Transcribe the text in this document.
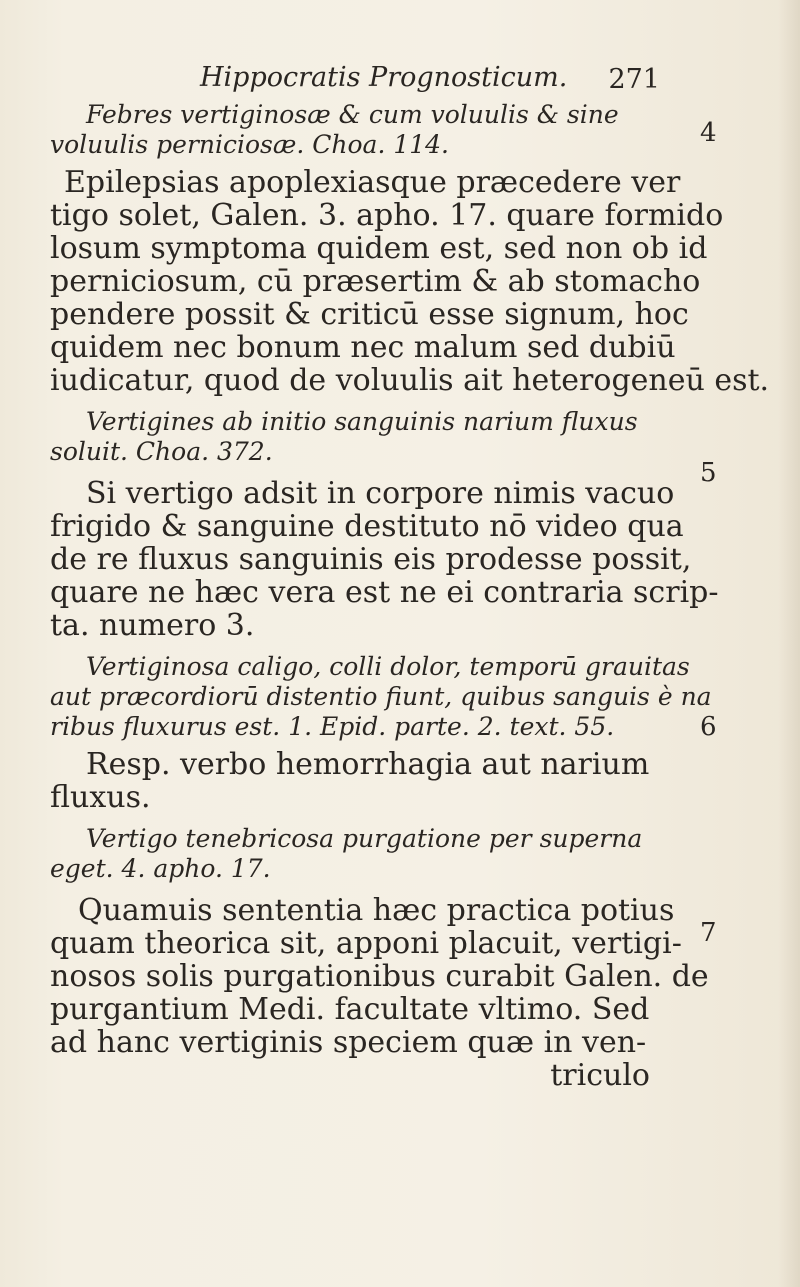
Hippocratis Prognosticum. 271
Febres vertiginosæ & cum voluulis & sine
voluulis perniciosæ. Choa. 114.
Epilepsias apoplexiasque præcedere ver
tigo solet, Galen. 3. apho. 17. quare formido
losum symptoma quidem est, sed non ob id
perniciosum, cū præsertim & ab stomacho
pendere possit & criticū esse signum, hoc
quidem nec bonum nec malum sed dubiū
iudicatur, quod de voluulis ait heterogeneū est.
Vertigines ab initio sanguinis narium fluxus
soluit. Choa. 372.
Si vertigo adsit in corpore nimis vacuo
frigido & sanguine destituto nō video qua
de re fluxus sanguinis eis prodesse possit,
quare ne hæc vera est ne ei contraria scrip-
ta. numero 3.
Vertiginosa caligo, colli dolor, temporū grauitas
aut præcordiorū distentio fiunt, quibus sanguis è na
ribus fluxurus est. 1. Epid. parte. 2. text. 55.
Resp. verbo hemorrhagia aut narium
fluxus.
Vertigo tenebricosa purgatione per superna
eget. 4. apho. 17.
Quamuis sententia hæc practica potius
quam theorica sit, apponi placuit, vertigi-
nosos solis purgationibus curabit Galen. de
purgantium Medi. facultate vltimo. Sed
ad hanc vertiginis speciem quæ in ven-
triculo
4
5
6
7
